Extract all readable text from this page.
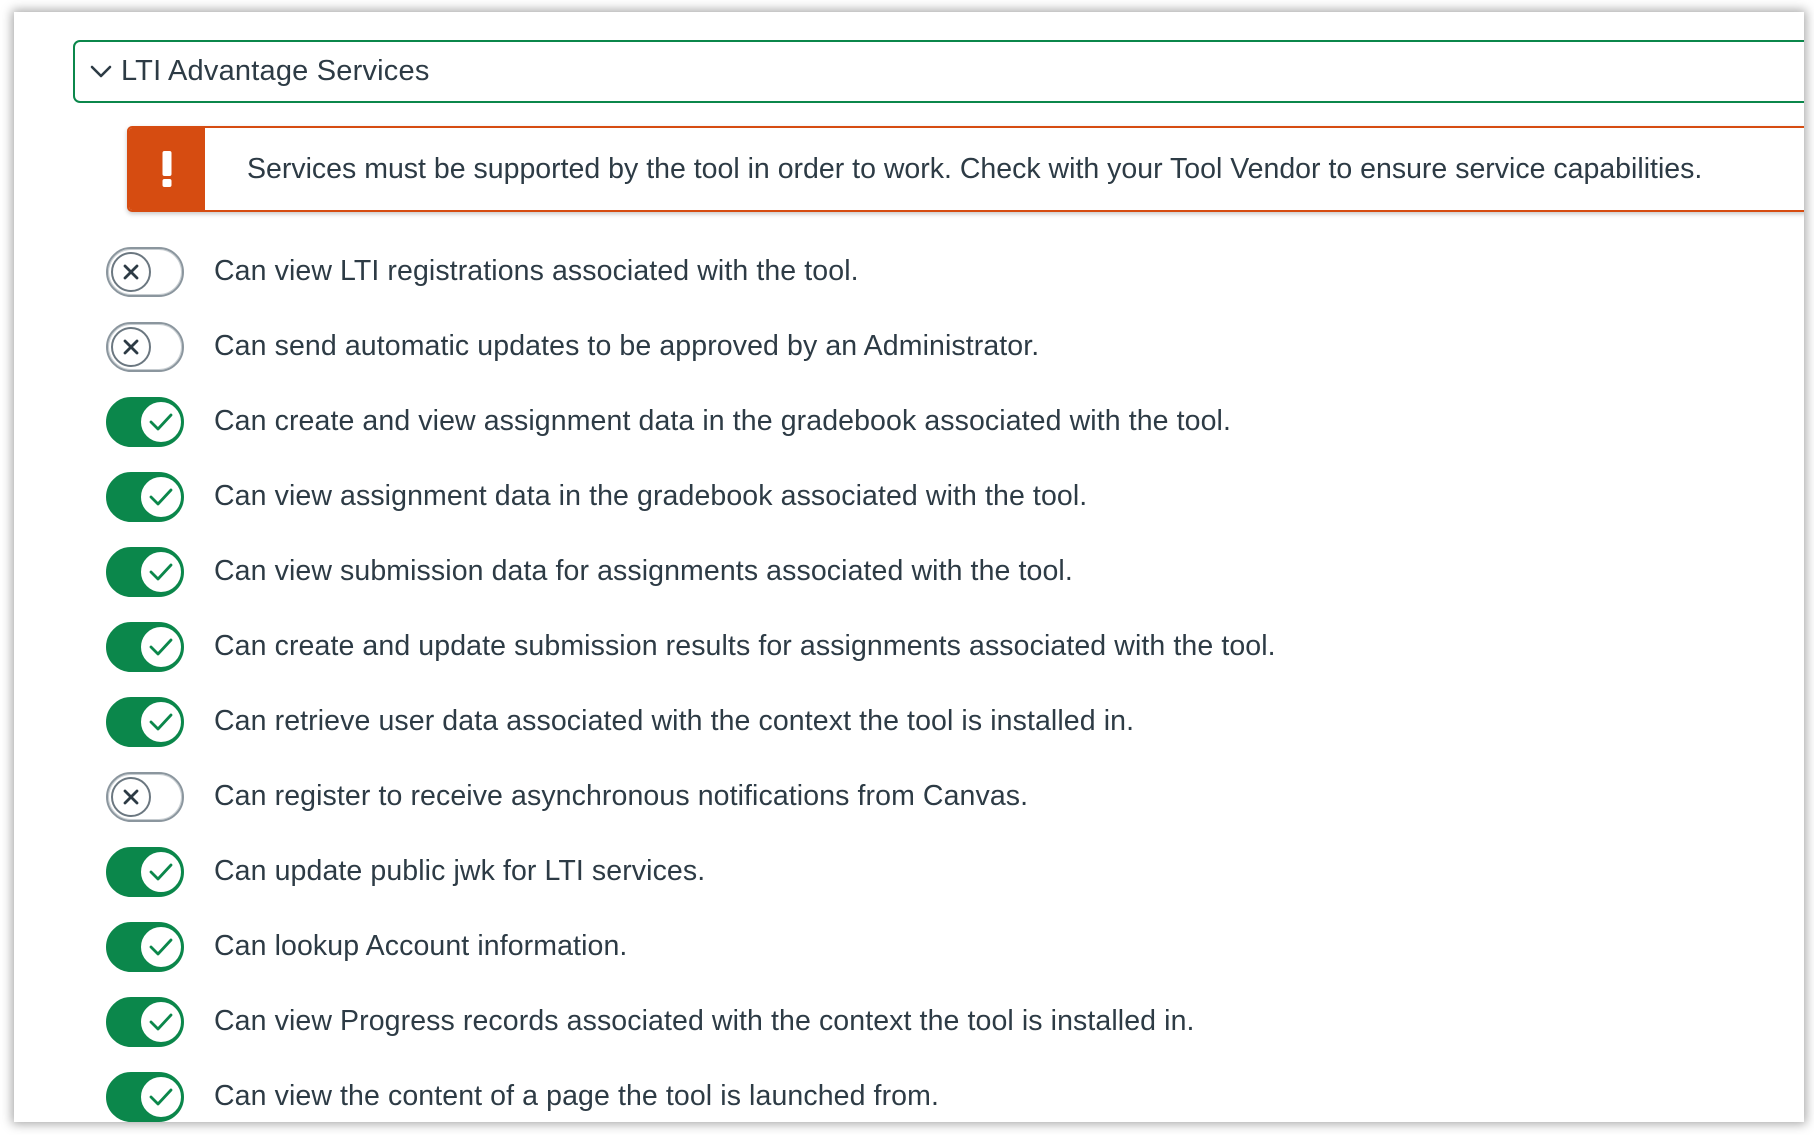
LTI Advantage Services
Services must be supported by the tool in order to work. Check with your Tool Vendor to ensure service capabilities.
Can view LTI registrations associated with the tool.
Can send automatic updates to be approved by an Administrator.
Can create and view assignment data in the gradebook associated with the tool.
Can view assignment data in the gradebook associated with the tool.
Can view submission data for assignments associated with the tool.
Can create and update submission results for assignments associated with the tool.
Can retrieve user data associated with the context the tool is installed in.
Can register to receive asynchronous notifications from Canvas.
Can update public jwk for LTI services.
Can lookup Account information.
Can view Progress records associated with the context the tool is installed in.
Can view the content of a page the tool is launched from.
